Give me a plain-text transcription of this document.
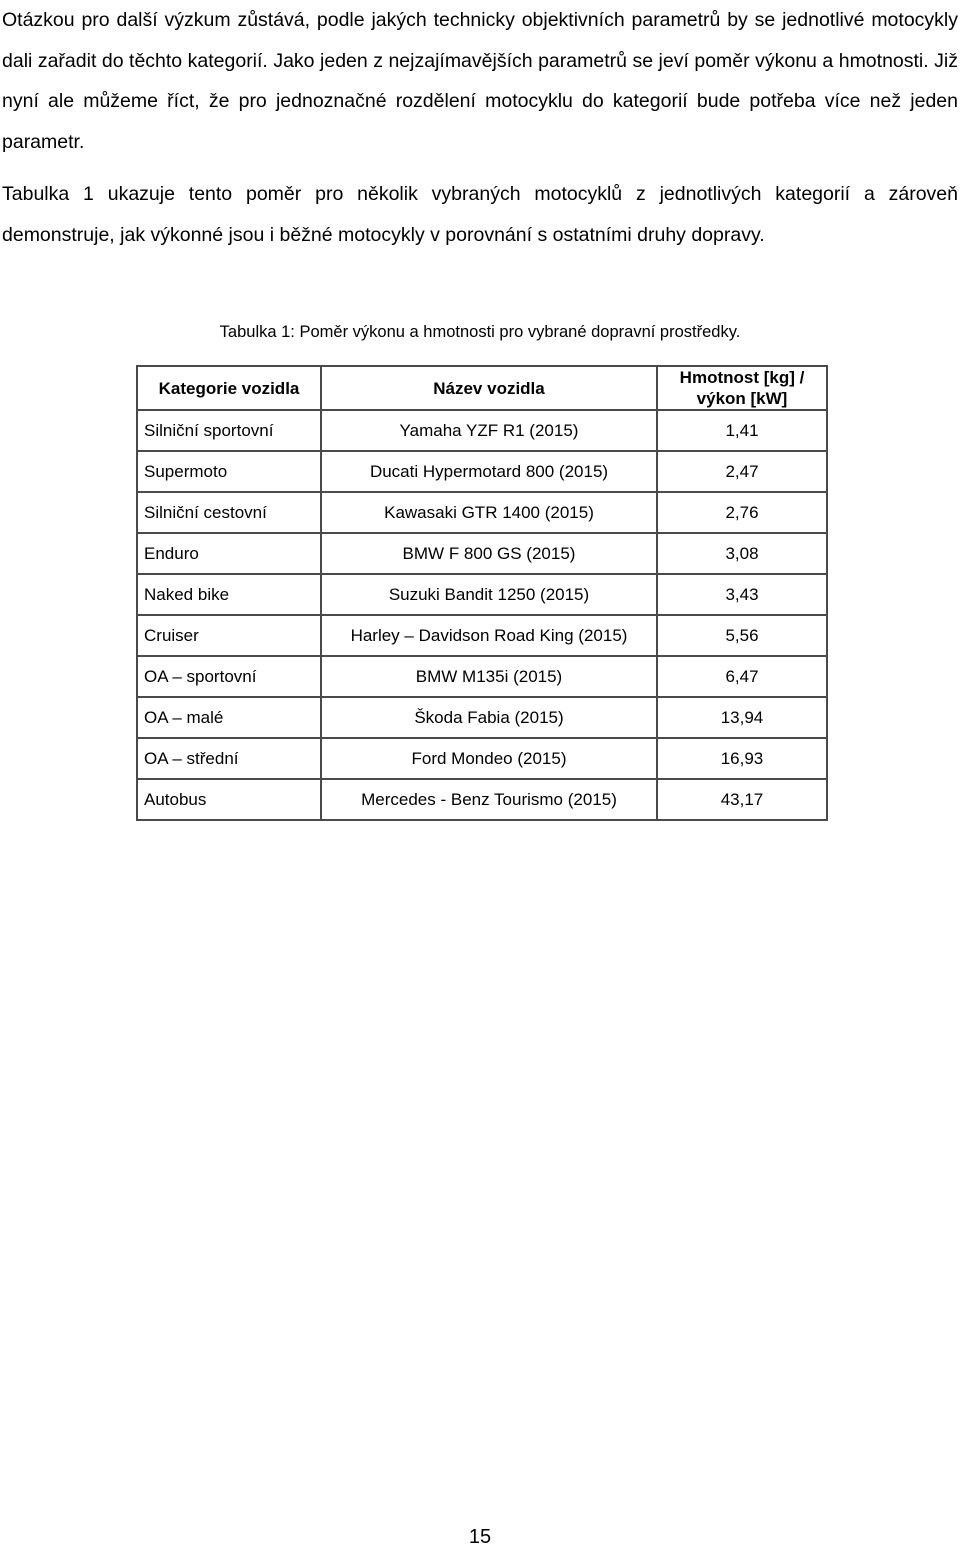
Otázkou pro další výzkum zůstává, podle jakých technicky objektivních parametrů by se jednotlivé motocykly dali zařadit do těchto kategorií. Jako jeden z nejzajímavějších parametrů se jeví poměr výkonu a hmotnosti. Již nyní ale můžeme říct, že pro jednoznačné rozdělení motocyklu do kategorií bude potřeba více než jeden parametr.

Tabulka 1 ukazuje tento poměr pro několik vybraných motocyklů z jednotlivých kategorií a zároveň demonstruje, jak výkonné jsou i běžné motocykly v porovnání s ostatními druhy dopravy.

Tabulka 1: Poměr výkonu a hmotnosti pro vybrané dopravní prostředky.
Kategorie vozidla	Název vozidla	Hmotnost [kg] / výkon [kW]
Silniční sportovní	Yamaha YZF R1 (2015)	1,41
Supermoto	Ducati Hypermotard 800 (2015)	2,47
Silniční cestovní	Kawasaki GTR 1400 (2015)	2,76
Enduro	BMW F 800 GS (2015)	3,08
Naked bike	Suzuki Bandit 1250 (2015)	3,43
Cruiser	Harley – Davidson Road King (2015)	5,56
OA – sportovní	BMW M135i (2015)	6,47
OA – malé	Škoda Fabia (2015)	13,94
OA – střední	Ford Mondeo (2015)	16,93
Autobus	Mercedes - Benz Tourismo (2015)	43,17
15
